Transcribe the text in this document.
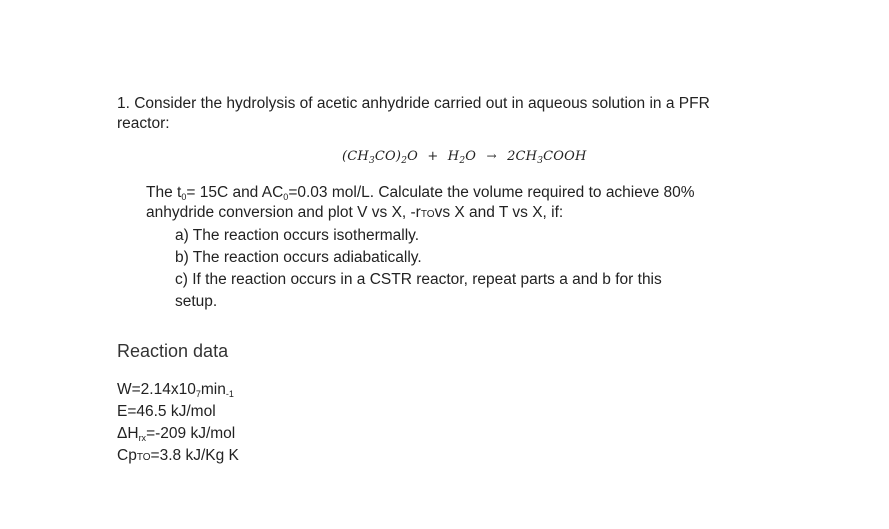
1. Consider the hydrolysis of acetic anhydride carried out in aqueous solution in a PFR
reactor:
$(CH_3CO)_2O + H_2O$ → $2CH_3COOH$
The $t_0= 15C$ and $AC_0=0.03$ mol/L. Calculate the volume required to achieve 80%
anhydride conversion and plot V vs X, -rTOvs X and T vs X, if:
a) The reaction occurs isothermally.
b) The reaction occurs adiabatically.
c) If the reaction occurs in a CSTR reactor, repeat parts a and b for this
setup.
Reaction data
$W=2.14x10_7\min_{-1}$
E=46.5 kJ/mol
$\Delta H_{rx}=-209$ kJ/mol
CpTO=3.8 kJ/Kg K
